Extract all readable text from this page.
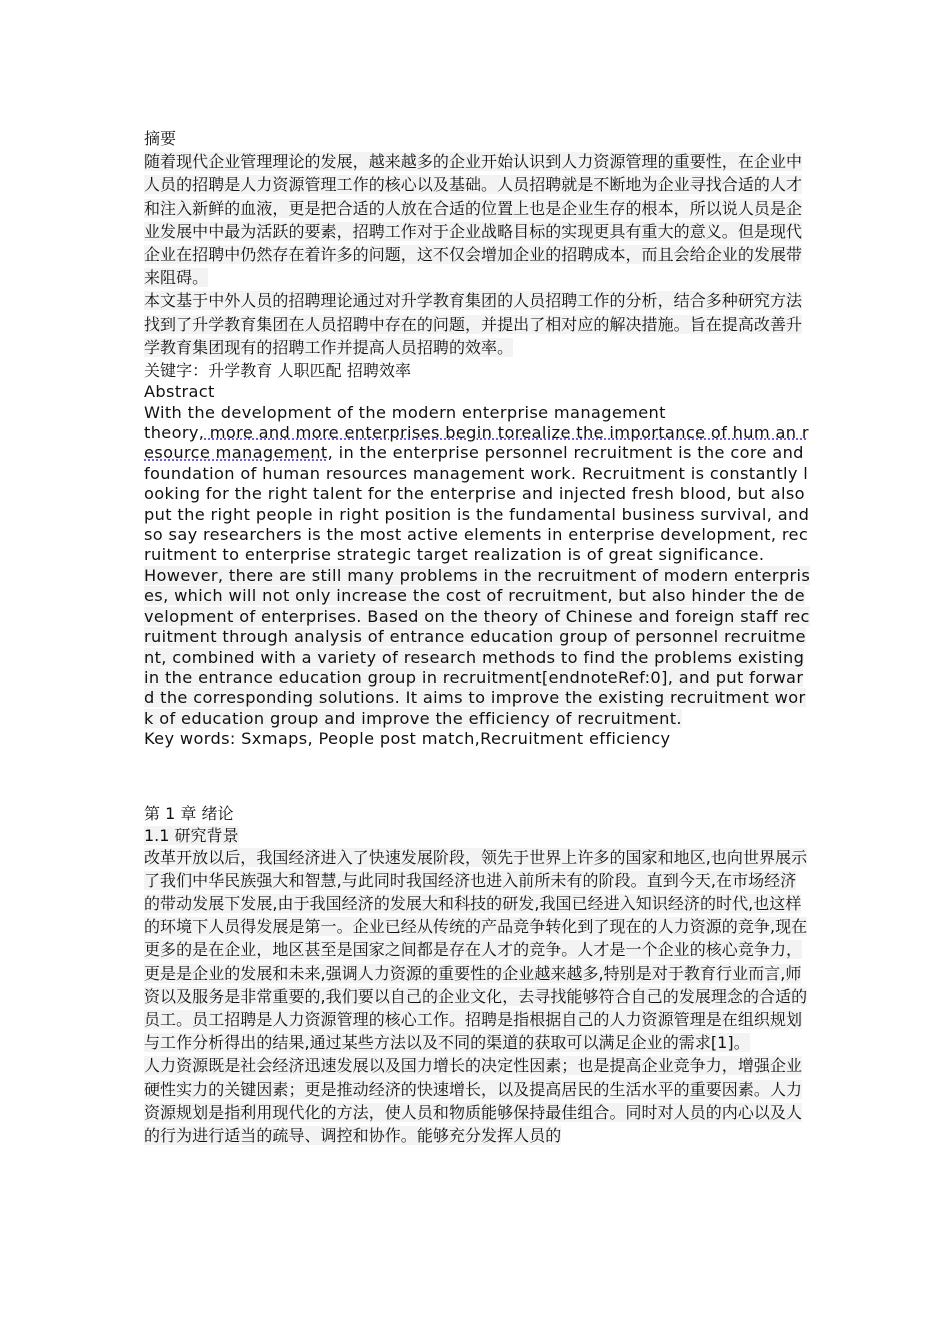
摘要

随着现代企业管理理论的发展，越来越多的企业开始认识到人力资源管理的重要性，在企业中人员的招聘是人力资源管理工作的核心以及基础。人员招聘就是不断地为企业寻找合适的人才和注入新鲜的血液，更是把合适的人放在合适的位置上也是企业生存的根本，所以说人员是企业发展中中最为活跃的要素，招聘工作对于企业战略目标的实现更具有重大的意义。但是现代企业在招聘中仍然存在着许多的问题，这不仅会增加企业的招聘成本，而且会给企业的发展带来阻碍。

本文基于中外人员的招聘理论通过对升学教育集团的人员招聘工作的分析，结合多种研究方法找到了升学教育集团在人员招聘中存在的问题，并提出了相对应的解决措施。旨在提高改善升学教育集团现有的招聘工作并提高人员招聘的效率。

关键字：升学教育 人职匹配 招聘效率

Abstract

With the development of the modern enterprise management
theory, more and more enterprises begin torealize the importance of hum an resource management, in the enterprise personnel recruitment is the core and foundation of human resources management work. Recruitment is constantly looking for the right talent for the enterprise and injected fresh blood, but also put the right people in right position is the fundamental business survival, and so say researchers is the most active elements in enterprise development, recruitment to enterprise strategic target realization is of great significance.

However, there are still many problems in the recruitment of modern enterprises, which will not only increase the cost of recruitment, but also hinder the development of enterprises. Based on the theory of Chinese and foreign staff recruitment through analysis of entrance education group of personnel recruitment, combined with a variety of research methods to find the problems existing in the entrance education group in recruitment[endnoteRef:0], and put forward the corresponding solutions. It aims to improve the existing recruitment work of education group and improve the efficiency of recruitment.

Key words: Sxmaps, People post match,Recruitment efficiency

第 1 章 绪论

1.1 研究背景

改革开放以后，我国经济进入了快速发展阶段，领先于世界上许多的国家和地区,也向世界展示了我们中华民族强大和智慧,与此同时我国经济也进入前所未有的阶段。直到今天,在市场经济的带动发展下发展,由于我国经济的发展大和科技的研发,我国已经进入知识经济的时代,也这样的环境下人员得发展是第一。企业已经从传统的产品竞争转化到了现在的人力资源的竞争,现在更多的是在企业，地区甚至是国家之间都是存在人才的竞争。人才是一个企业的核心竞争力，更是是企业的发展和未来,强调人力资源的重要性的企业越来越多,特别是对于教育行业而言,师资以及服务是非常重要的,我们要以自己的企业文化，去寻找能够符合自己的发展理念的合适的员工。员工招聘是人力资源管理的核心工作。招聘是指根据自己的人力资源管理是在组织规划与工作分析得出的结果,通过某些方法以及不同的渠道的获取可以满足企业的需求[1]。

人力资源既是社会经济迅速发展以及国力增长的决定性因素；也是提高企业竞争力，增强企业硬性实力的关键因素；更是推动经济的快速增长，以及提高居民的生活水平的重要因素。人力资源规划是指利用现代化的方法，使人员和物质能够保持最佳组合。同时对人员的内心以及人的行为进行适当的疏导、调控和协作。能够充分发挥人员的
